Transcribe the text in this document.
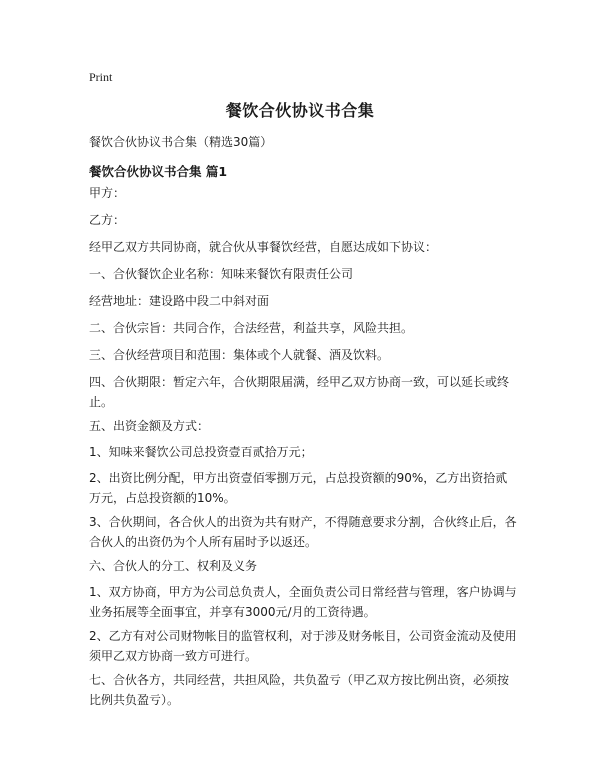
Print
餐饮合伙协议书合集
餐饮合伙协议书合集（精选30篇）
餐饮合伙协议书合集 篇1

甲方：

乙方：

经甲乙双方共同协商，就合伙从事餐饮经营，自愿达成如下协议：

一、合伙餐饮企业名称：知味来餐饮有限责任公司

经营地址：建设路中段二中斜对面

二、合伙宗旨：共同合作，合法经营，利益共享，风险共担。

三、合伙经营项目和范围：集体或个人就餐、酒及饮料。

四、合伙期限：暂定六年，合伙期限届满，经甲乙双方协商一致，可以延长或终止。

五、出资金额及方式：

1、知味来餐饮公司总投资壹百贰拾万元；

2、出资比例分配，甲方出资壹佰零捌万元，占总投资额的90%，乙方出资拾贰万元，占总投资额的10%。

3、合伙期间，各合伙人的出资为共有财产，不得随意要求分割，合伙终止后，各合伙人的出资仍为个人所有届时予以返还。

六、合伙人的分工、权利及义务

1、双方协商，甲方为公司总负责人，全面负责公司日常经营与管理，客户协调与业务拓展等全面事宜，并享有3000元/月的工资待遇。

2、乙方有对公司财物帐目的监管权利，对于涉及财务帐目，公司资金流动及使用须甲乙双方协商一致方可进行。

七、合伙各方，共同经营，共担风险，共负盈亏（甲乙双方按比例出资，必须按比例共负盈亏）。
